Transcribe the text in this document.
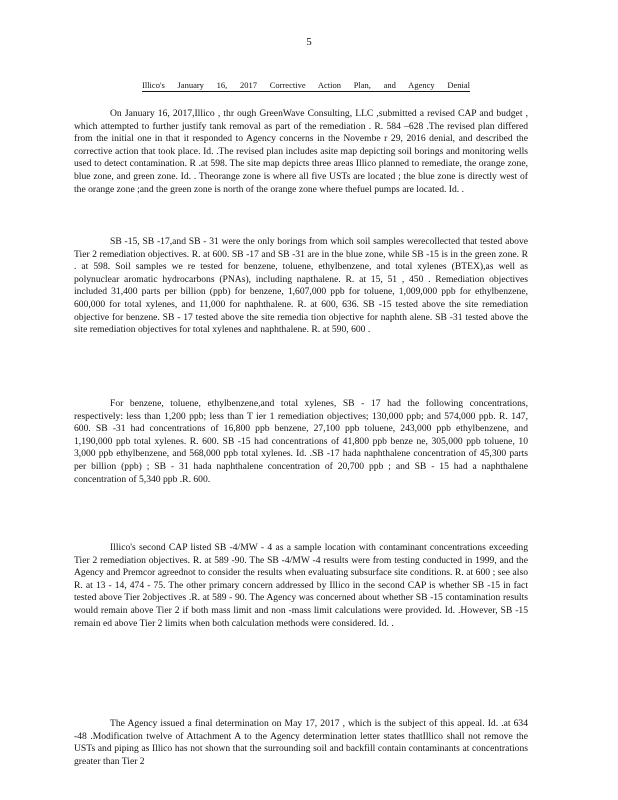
5
Illico's January 16, 2017 Corrective Action Plan, and Agency Denial

On January 16, 2017,Illico , thr ough GreenWave Consulting, LLC ,submitted a revised CAP and budget , which attempted to further justify tank removal as part of the remediation . R. 584 –628 .The revised plan differed from the initial one in that it responded to Agency concerns in the Novembe r 29, 2016 denial, and described the corrective action that took place. Id. .The revised plan includes asite map depicting soil borings and monitoring wells used to detect contamination. R .at 598. The site map depicts three areas Illico planned to remediate, the orange zone, blue zone, and green zone. Id. . Theorange zone is where all five USTs are located ; the blue zone is directly west of the orange zone ;and the green zone is north of the orange zone where thefuel pumps are located. Id. .

SB -15, SB -17,and SB - 31 were the only borings from which soil samples werecollected that tested above Tier 2 remediation objectives. R. at 600. SB -17 and SB -31 are in the blue zone, while SB -15 is in the green zone. R . at 598. Soil samples we re tested for benzene, toluene, ethylbenzene, and total xylenes (BTEX),as well as polynuclear aromatic hydrocarbons (PNAs), including napthalene. R. at 15, 51 , 450 . Remediation objectives included 31,400 parts per billion (ppb) for benzene, 1,607,000 ppb for toluene, 1,009,000 ppb for ethylbenzene, 600,000 for total xylenes, and 11,000 for naphthalene. R. at 600, 636. SB -15 tested above the site remediation objective for benzene. SB - 17 tested above the site remedia tion objective for naphth alene. SB -31 tested above the site remediation objectives for total xylenes and naphthalene. R. at 590, 600 .

For benzene, toluene, ethylbenzene,and total xylenes, SB - 17 had the following concentrations, respectively: less than 1,200 ppb; less than T ier 1 remediation objectives; 130,000 ppb; and 574,000 ppb. R. 147, 600. SB -31 had concentrations of 16,800 ppb benzene, 27,100 ppb toluene, 243,000 ppb ethylbenzene, and 1,190,000 ppb total xylenes. R. 600. SB -15 had concentrations of 41,800 ppb benze ne, 305,000 ppb toluene, 10 3,000 ppb ethylbenzene, and 568,000 ppb total xylenes. Id. .SB -17 hada naphthalene concentration of 45,300 parts per billion (ppb) ; SB - 31 hada naphthalene concentration of 20,700 ppb ; and SB - 15 had a naphthalene concentration of 5,340 ppb .R. 600.

Illico's second CAP listed SB -4/MW - 4 as a sample location with contaminant concentrations exceeding Tier 2 remediation objectives. R. at 589 -90. The SB -4/MW -4 results were from testing conducted in 1999, and the Agency and Premcor agreednot to consider the results when evaluating subsurface site conditions. R. at 600 ; see also R. at 13 - 14, 474 - 75. The other primary concern addressed by Illico in the second CAP is whether SB -15 in fact tested above Tier 2objectives .R. at 589 - 90. The Agency was concerned about whether SB -15 contamination results would remain above Tier 2 if both mass limit and non -mass limit calculations were provided. Id. .However, SB -15 remain ed above Tier 2 limits when both calculation methods were considered. Id. .

The Agency issued a final determination on May 17, 2017 , which is the subject of this appeal. Id. .at 634 -48 .Modification twelve of Attachment A to the Agency determination letter states thatIllico shall not remove the USTs and piping as Illico has not shown that the surrounding soil and backfill contain contaminants at concentrations greater than Tier 2
